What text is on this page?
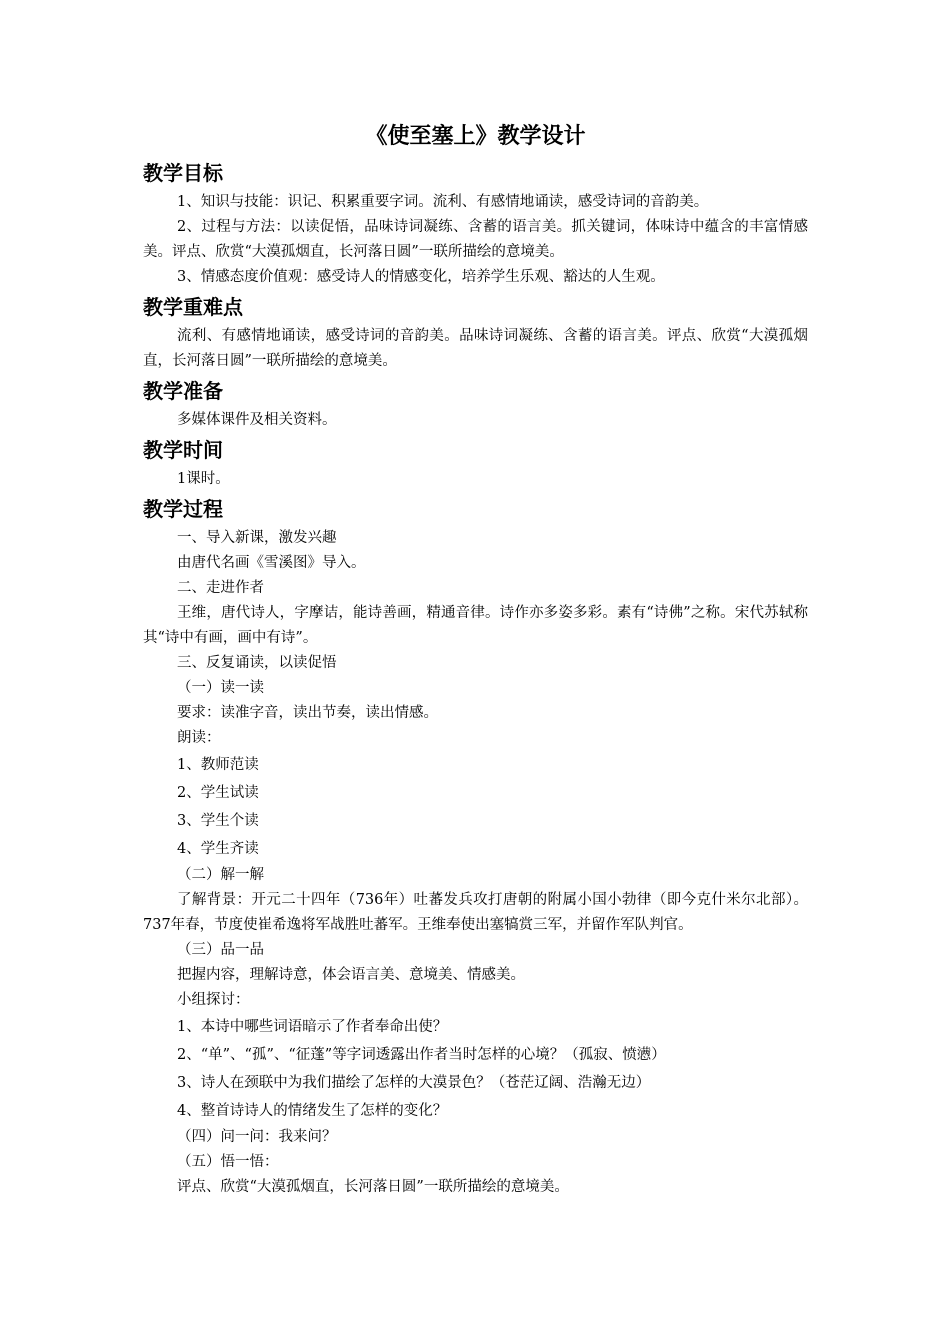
《使至塞上》教学设计
教学目标

1、知识与技能：识记、积累重要字词。流利、有感情地诵读，感受诗词的音韵美。

2、过程与方法：以读促悟，品味诗词凝练、含蓄的语言美。抓关键词，体味诗中蕴含的丰富情感美。评点、欣赏“大漠孤烟直，长河落日圆”一联所描绘的意境美。

3、情感态度价值观：感受诗人的情感变化，培养学生乐观、豁达的人生观。

教学重难点

流利、有感情地诵读，感受诗词的音韵美。品味诗词凝练、含蓄的语言美。评点、欣赏“大漠孤烟直，长河落日圆”一联所描绘的意境美。

教学准备

多媒体课件及相关资料。

教学时间

1课时。

教学过程

一、导入新课，激发兴趣

由唐代名画《雪溪图》导入。

二、走进作者

王维，唐代诗人，字摩诘，能诗善画，精通音律。诗作亦多姿多彩。素有“诗佛”之称。宋代苏轼称其“诗中有画，画中有诗”。

三、反复诵读，以读促悟

（一）读一读

要求：读准字音，读出节奏，读出情感。

朗读：

1、教师范读

2、学生试读

3、学生个读

4、学生齐读

（二）解一解

了解背景：开元二十四年（736年）吐蕃发兵攻打唐朝的附属小国小勃律（即今克什米尔北部）。737年春，节度使崔希逸将军战胜吐蕃军。王维奉使出塞犒赏三军，并留作军队判官。

（三）品一品

把握内容，理解诗意，体会语言美、意境美、情感美。

小组探讨：

1、本诗中哪些词语暗示了作者奉命出使？

2、“单”、“孤”、“征蓬”等字词透露出作者当时怎样的心境？（孤寂、愤懑）

3、诗人在颈联中为我们描绘了怎样的大漠景色？（苍茫辽阔、浩瀚无边）

4、整首诗诗人的情绪发生了怎样的变化？

（四）问一问：我来问？

（五）悟一悟：

评点、欣赏“大漠孤烟直，长河落日圆”一联所描绘的意境美。
